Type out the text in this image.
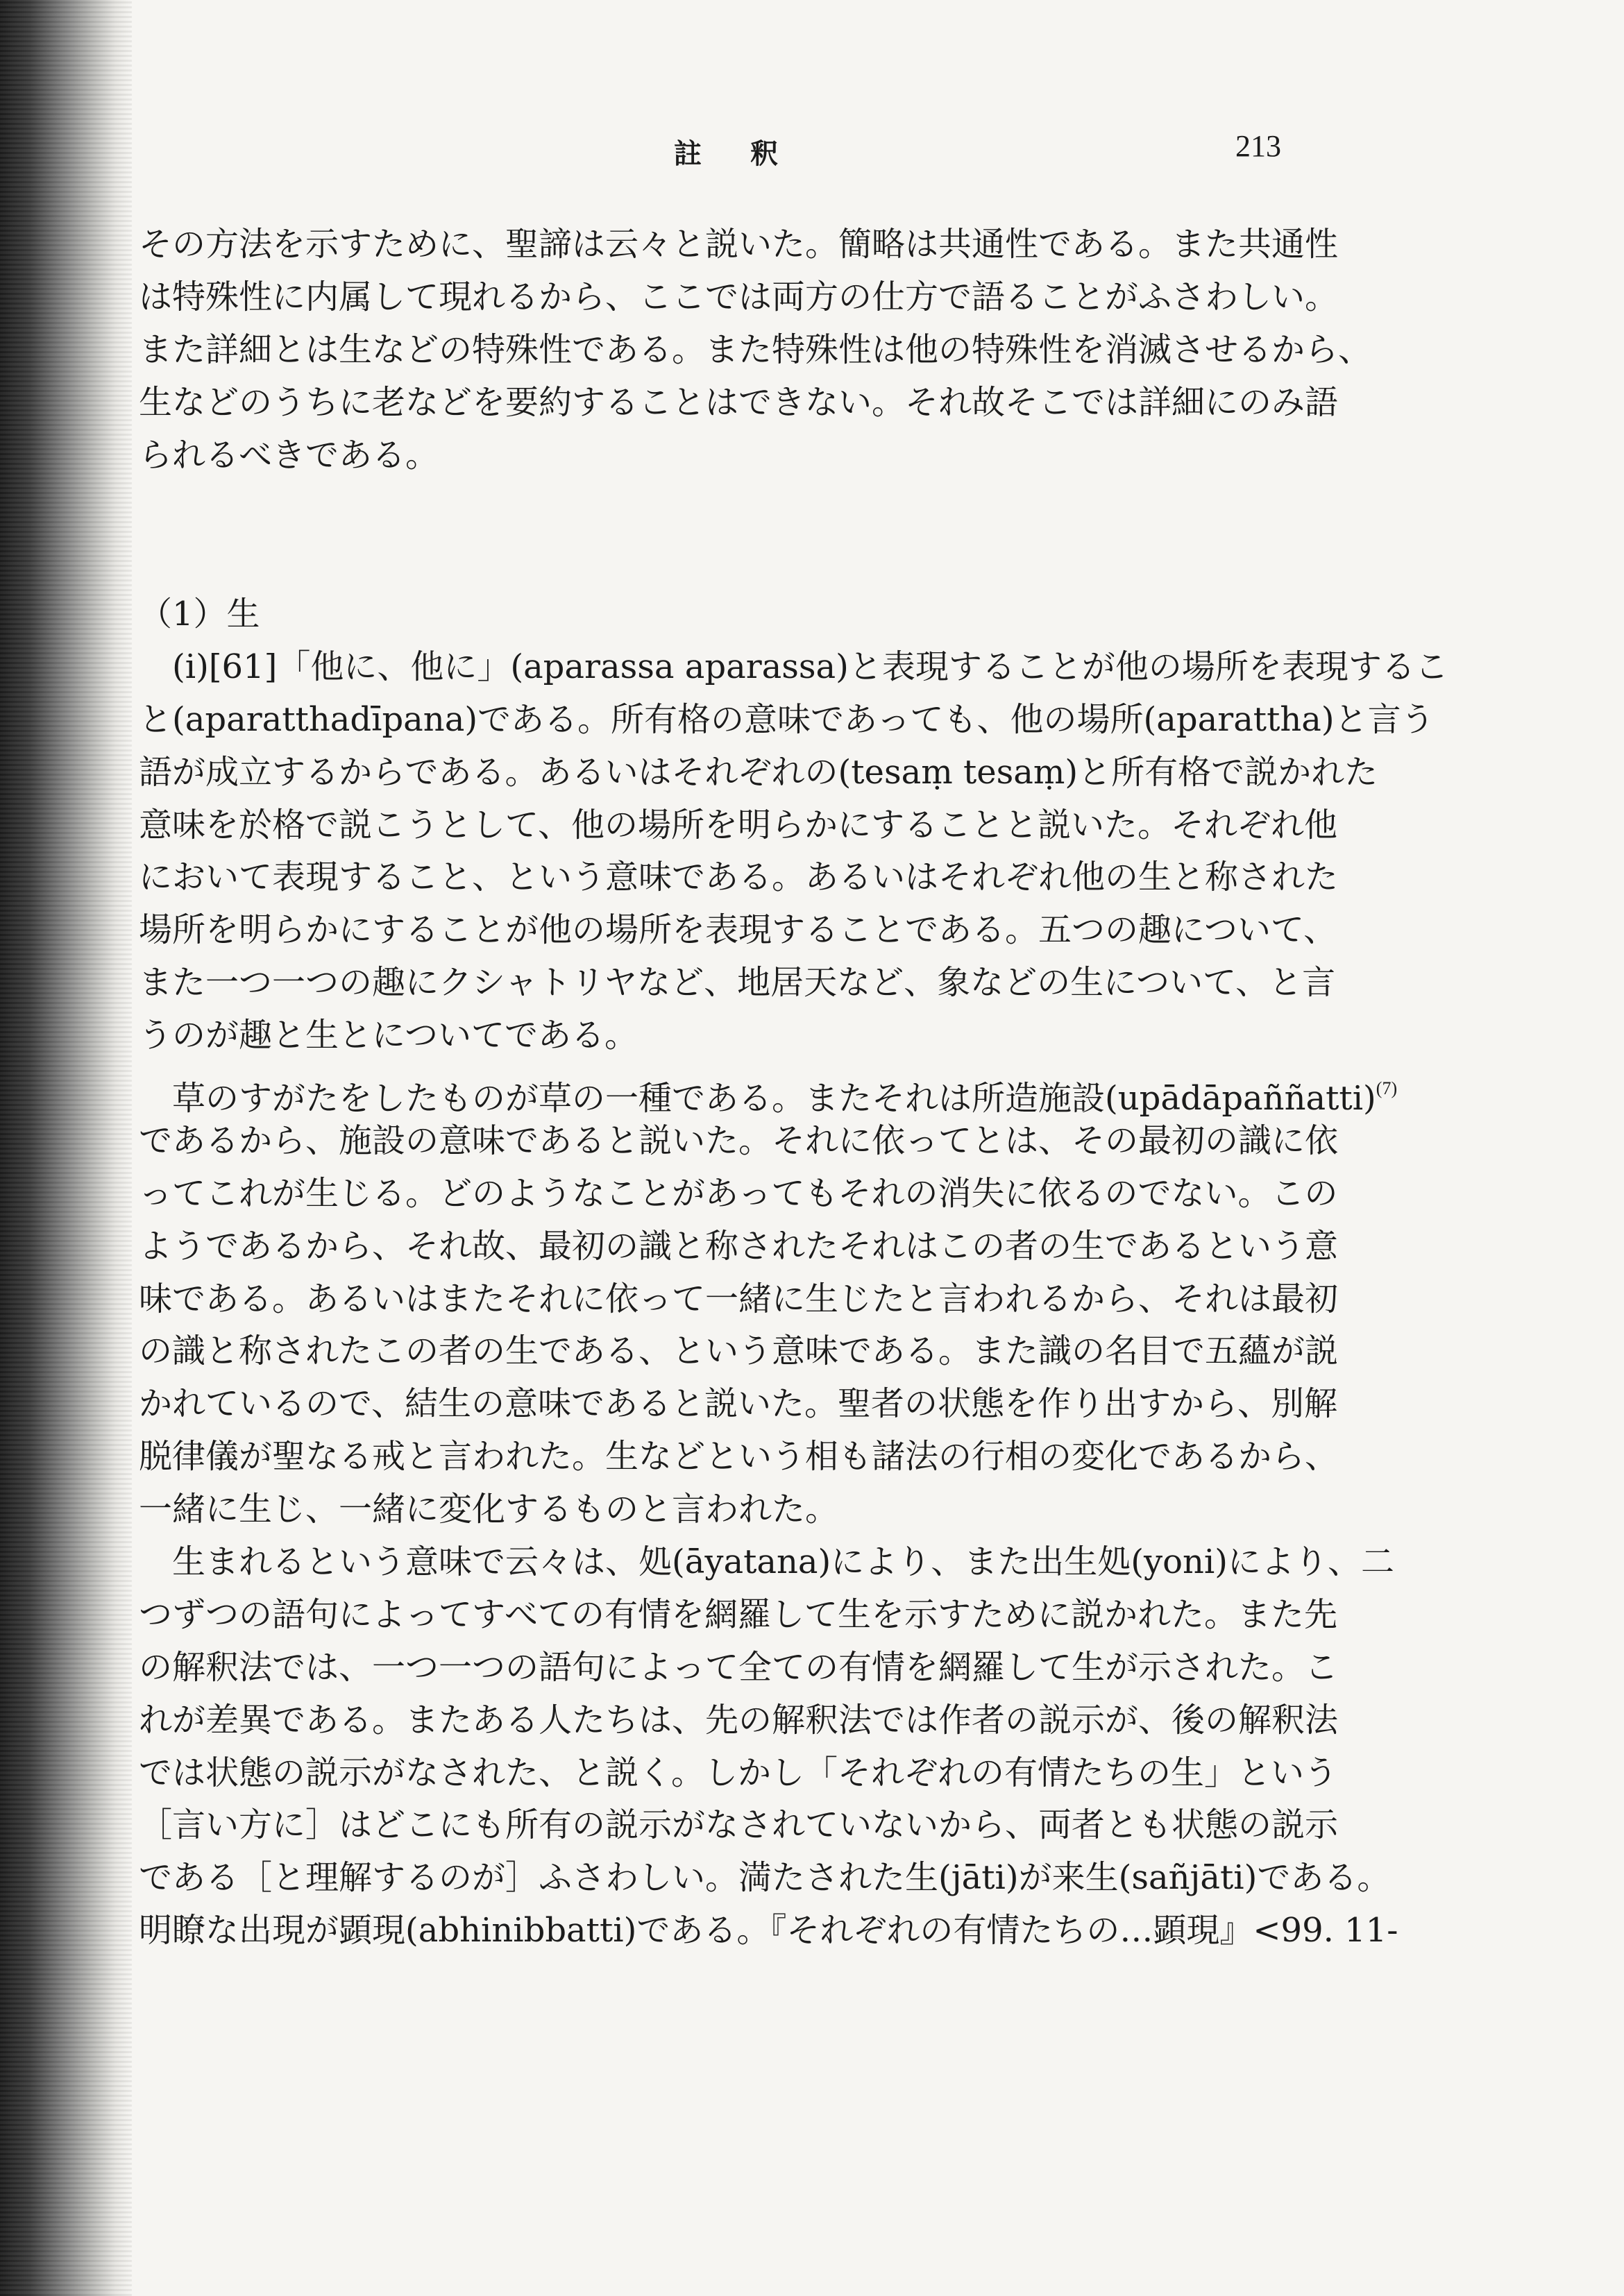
註 釈	213
その方法を示すために、聖諦は云々と説いた。簡略は共通性である。また共通性
は特殊性に内属して現れるから、ここでは両方の仕方で語ることがふさわしい。
また詳細とは生などの特殊性である。また特殊性は他の特殊性を消滅させるから、
生などのうちに老などを要約することはできない。それ故そこでは詳細にのみ語
られるべきである。
（1）生
(i)[61]「他に、他に」(aparassa aparassa)と表現することが他の場所を表現するこ
と(aparatthadīpana)である。所有格の意味であっても、他の場所(aparattha)と言う
語が成立するからである。あるいはそれぞれの(tesaṃ tesaṃ)と所有格で説かれた
意味を於格で説こうとして、他の場所を明らかにすることと説いた。それぞれ他
において表現すること、という意味である。あるいはそれぞれ他の生と称された
場所を明らかにすることが他の場所を表現することである。五つの趣について、
また一つ一つの趣にクシャトリヤなど、地居天など、象などの生について、と言
うのが趣と生とについてである。
草のすがたをしたものが草の一種である。またそれは所造施設(upādāpaññatti)$^{(7)}$
であるから、施設の意味であると説いた。それに依ってとは、その最初の識に依
ってこれが生じる。どのようなことがあってもそれの消失に依るのでない。この
ようであるから、それ故、最初の識と称されたそれはこの者の生であるという意
味である。あるいはまたそれに依って一緒に生じたと言われるから、それは最初
の識と称されたこの者の生である、という意味である。また識の名目で五蘊が説
かれているので、結生の意味であると説いた。聖者の状態を作り出すから、別解
脱律儀が聖なる戒と言われた。生などという相も諸法の行相の変化であるから、
一緒に生じ、一緒に変化するものと言われた。
生まれるという意味で云々は、処(āyatana)により、また出生処(yoni)により、二
つずつの語句によってすべての有情を網羅して生を示すために説かれた。また先
の解釈法では、一つ一つの語句によって全ての有情を網羅して生が示された。こ
れが差異である。またある人たちは、先の解釈法では作者の説示が、後の解釈法
では状態の説示がなされた、と説く。しかし「それぞれの有情たちの生」という
［言い方に］はどこにも所有の説示がなされていないから、両者とも状態の説示
である［と理解するのが］ふさわしい。満たされた生(jāti)が来生(sañjāti)である。
明瞭な出現が顕現(abhinibbatti)である。『それぞれの有情たちの…顕現』<99. 11-
